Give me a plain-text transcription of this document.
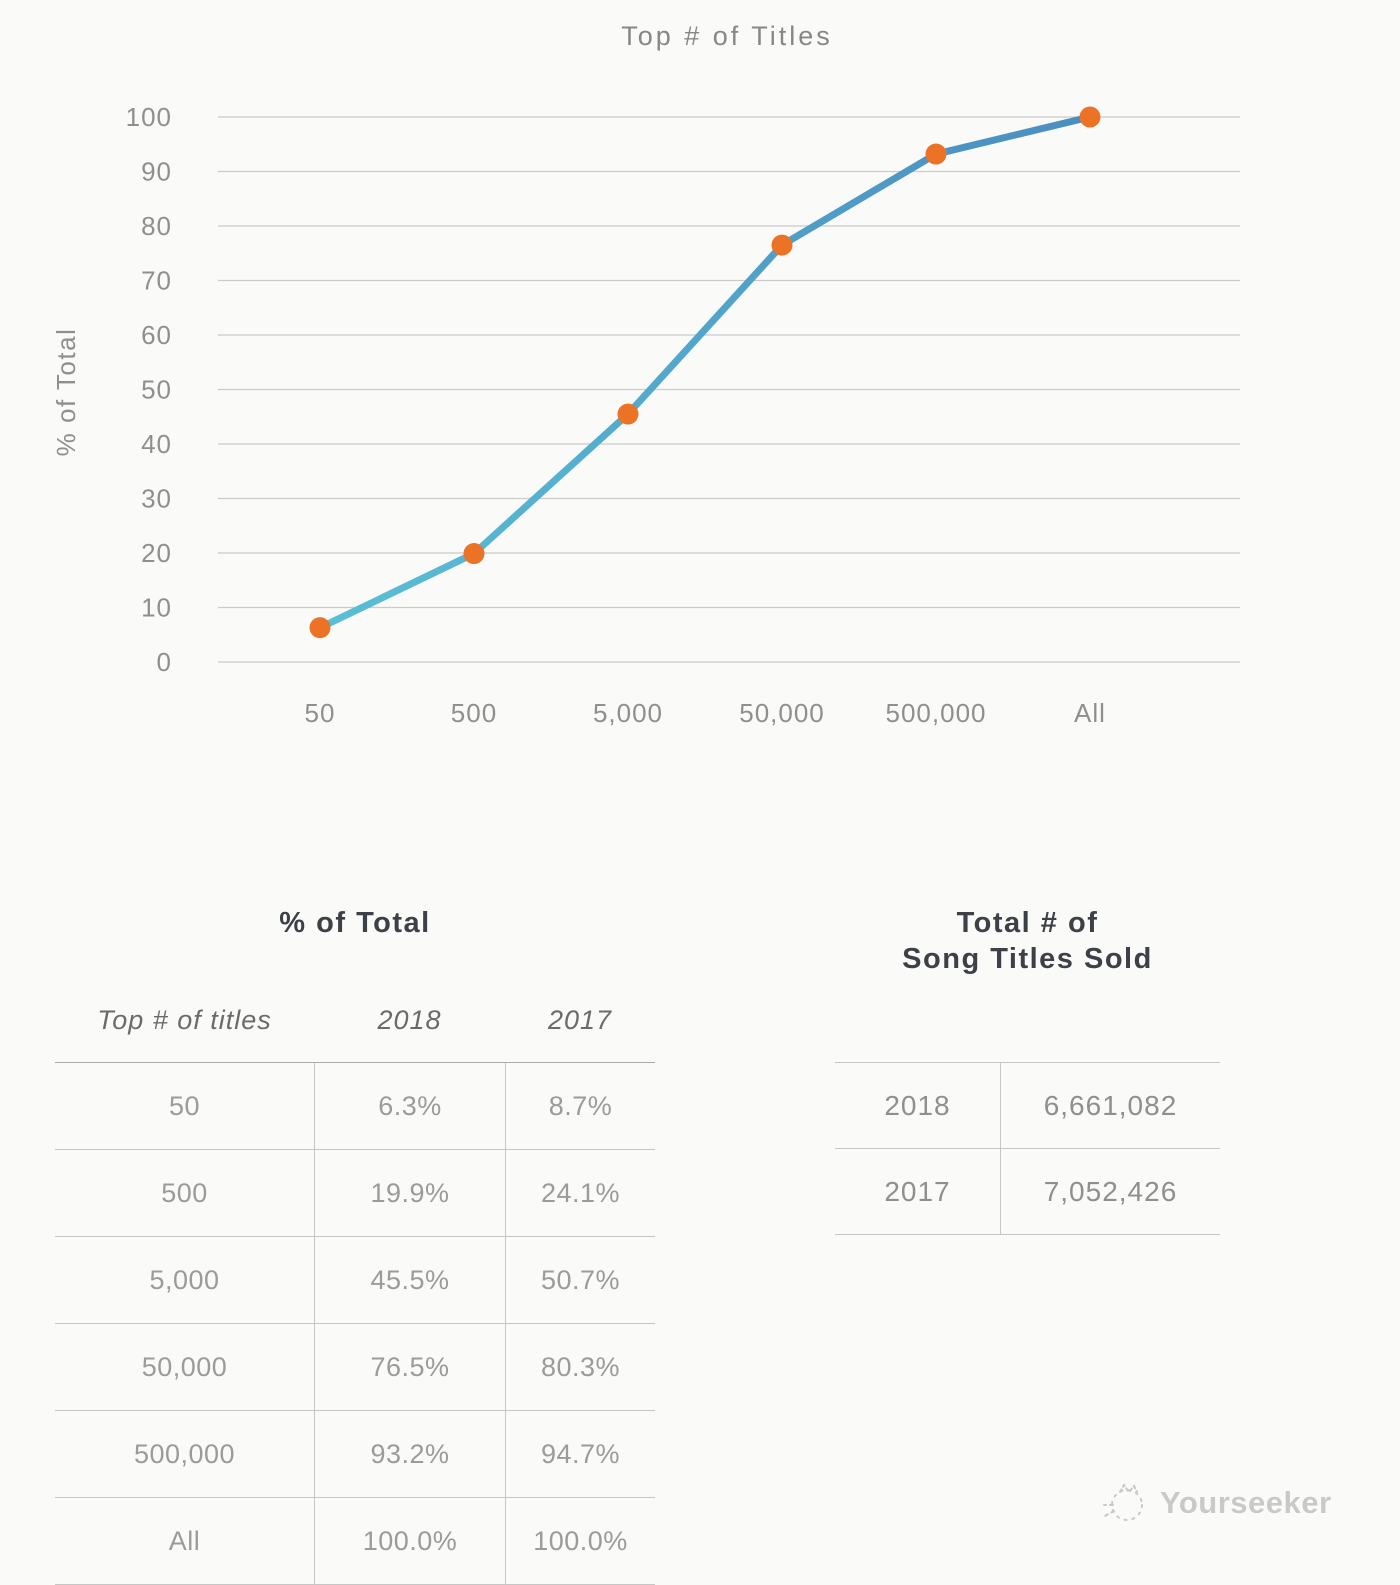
0
10
20
30
40
50
60
70
80
90
100
50	500	5,000	50,000 500,000	All
Top # of Titles
% of Total
% of Total
Top # of titles	2018	2017
50	6.3%	8.7%
500	19.9%	24.1%
5,000	45.5%	50.7%
50,000	76.5%	80.3%
500,000	93.2%	94.7%
All	100.0%	100.0%
Total # of
Song Titles Sold
2018	6,661,082
2017	7,052,426
Yourseeker
